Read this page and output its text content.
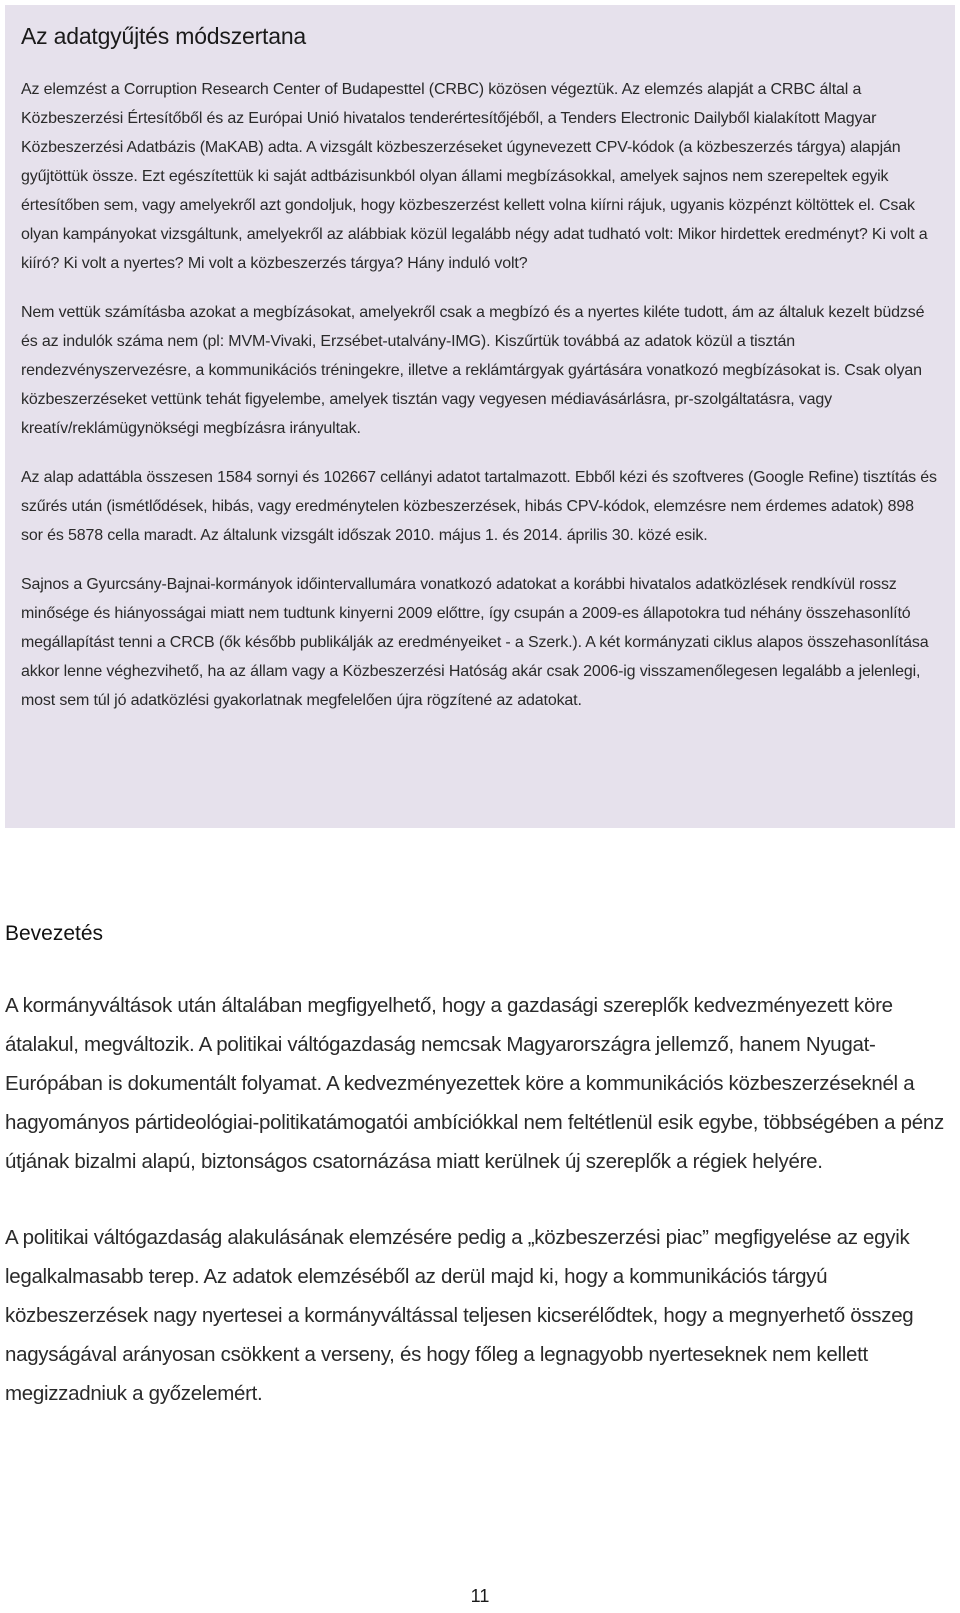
Az adatgyűjtés módszertana

Az elemzést a Corruption Research Center of Budapesttel (CRBC) közösen végeztük. Az elemzés alapját a CRBC által a Közbeszerzési Értesítőből és az Európai Unió hivatalos tenderértesítőjéből, a Tenders Electronic Dailyből kialakított Magyar Közbeszerzési Adatbázis (MaKAB) adta. A vizsgált közbeszerzéseket úgynevezett CPV-kódok (a közbeszerzés tárgya) alapján gyűjtöttük össze. Ezt egészítettük ki saját adtbázisunkból olyan állami megbízásokkal, amelyek sajnos nem szerepeltek egyik értesítőben sem, vagy amelyekről azt gondoljuk, hogy közbeszerzést kellett volna kiírni rájuk, ugyanis közpénzt költöttek el. Csak olyan kampányokat vizsgáltunk, amelyekről az alábbiak közül legalább négy adat tudható volt: Mikor hirdettek eredményt? Ki volt a kiíró? Ki volt a nyertes? Mi volt a közbeszerzés tárgya? Hány induló volt?

Nem vettük számításba azokat a megbízásokat, amelyekről csak a megbízó és a nyertes kiléte tudott, ám az általuk kezelt büdzsé és az indulók száma nem (pl: MVM-Vivaki, Erzsébet-utalvány-IMG). Kiszűrtük továbbá az adatok közül a tisztán rendezvényszervezésre, a kommunikációs tréningekre, illetve a reklámtárgyak gyártására vonatkozó megbízásokat is. Csak olyan közbeszerzéseket vettünk tehát figyelembe, amelyek tisztán vagy vegyesen médiavásárlásra, pr-szolgáltatásra, vagy kreatív/reklámügynökségi megbízásra irányultak.

Az alap adattábla összesen 1584 sornyi és 102667 cellányi adatot tartalmazott. Ebből kézi és szoftveres (Google Refine) tisztítás és szűrés után (ismétlődések, hibás, vagy eredménytelen közbeszerzések, hibás CPV-kódok, elemzésre nem érdemes adatok) 898 sor és 5878 cella maradt. Az általunk vizsgált időszak 2010. május 1. és 2014. április 30. közé esik.

Sajnos a Gyurcsány-Bajnai-kormányok időintervallumára vonatkozó adatokat a korábbi hivatalos adatközlések rendkívül rossz minősége és hiányosságai miatt nem tudtunk kinyerni 2009 előttre, így csupán a 2009-es állapotokra tud néhány összehasonlító megállapítást tenni a CRCB (ők később publikálják az eredményeiket - a Szerk.). A két kormányzati ciklus alapos összehasonlítása akkor lenne véghezvihető, ha az állam vagy a Közbeszerzési Hatóság akár csak 2006-ig visszamenőlegesen legalább a jelenlegi, most sem túl jó adatközlési gyakorlatnak megfelelően újra rögzítené az adatokat.

Bevezetés

A kormányváltások után általában megfigyelhető, hogy a gazdasági szereplők kedvezményezett köre átalakul, megváltozik. A politikai váltógazdaság nemcsak Magyarországra jellemző, hanem Nyugat-Európában is dokumentált folyamat. A kedvezményezettek köre a kommunikációs közbeszerzéseknél a hagyományos pártideológiai-politikatámogatói ambíciókkal nem feltétlenül esik egybe, többségében a pénz útjának bizalmi alapú, biztonságos csatornázása miatt kerülnek új szereplők a régiek helyére.

A politikai váltógazdaság alakulásának elemzésére pedig a „közbeszerzési piac” megfigyelése az egyik legalkalmasabb terep. Az adatok elemzéséből az derül majd ki, hogy a kommunikációs tárgyú közbeszerzések nagy nyertesei a kormányváltással teljesen kicserélődtek, hogy a megnyerhető összeg nagyságával arányosan csökkent a verseny, és hogy főleg a legnagyobb nyerteseknek nem kellett megizzadniuk a győzelemért.

11
